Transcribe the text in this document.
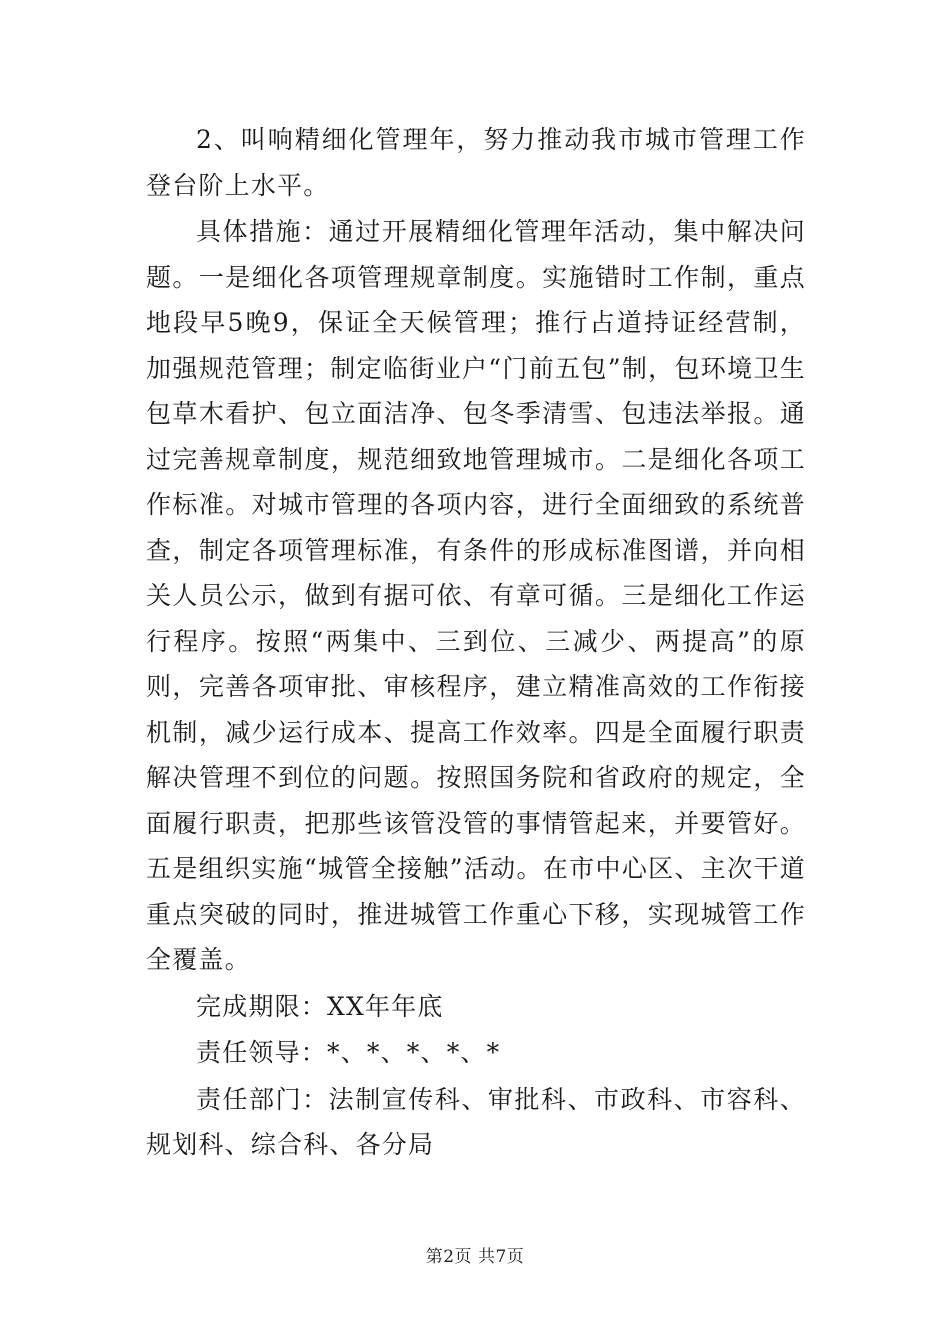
2、叫响精细化管理年，努力推动我市城市管理工作登台阶上水平。

具体措施：通过开展精细化管理年活动，集中解决问题。一是细化各项管理规章制度。实施错时工作制，重点地段早5晚9，保证全天候管理；推行占道持证经营制，加强规范管理；制定临街业户“门前五包”制，包环境卫生包草木看护、包立面洁净、包冬季清雪、包违法举报。通过完善规章制度，规范细致地管理城市。二是细化各项工作标准。对城市管理的各项内容，进行全面细致的系统普查，制定各项管理标准，有条件的形成标准图谱，并向相关人员公示，做到有据可依、有章可循。三是细化工作运行程序。按照“两集中、三到位、三减少、两提高”的原则，完善各项审批、审核程序，建立精准高效的工作衔接机制，减少运行成本、提高工作效率。四是全面履行职责解决管理不到位的问题。按照国务院和省政府的规定，全面履行职责，把那些该管没管的事情管起来，并要管好。五是组织实施“城管全接触”活动。在市中心区、主次干道重点突破的同时，推进城管工作重心下移，实现城管工作全覆盖。

完成期限：XX年年底

责任领导：*、*、*、*、*

责任部门：法制宣传科、审批科、市政科、市容科、规划科、综合科、各分局

第2页 共7页
